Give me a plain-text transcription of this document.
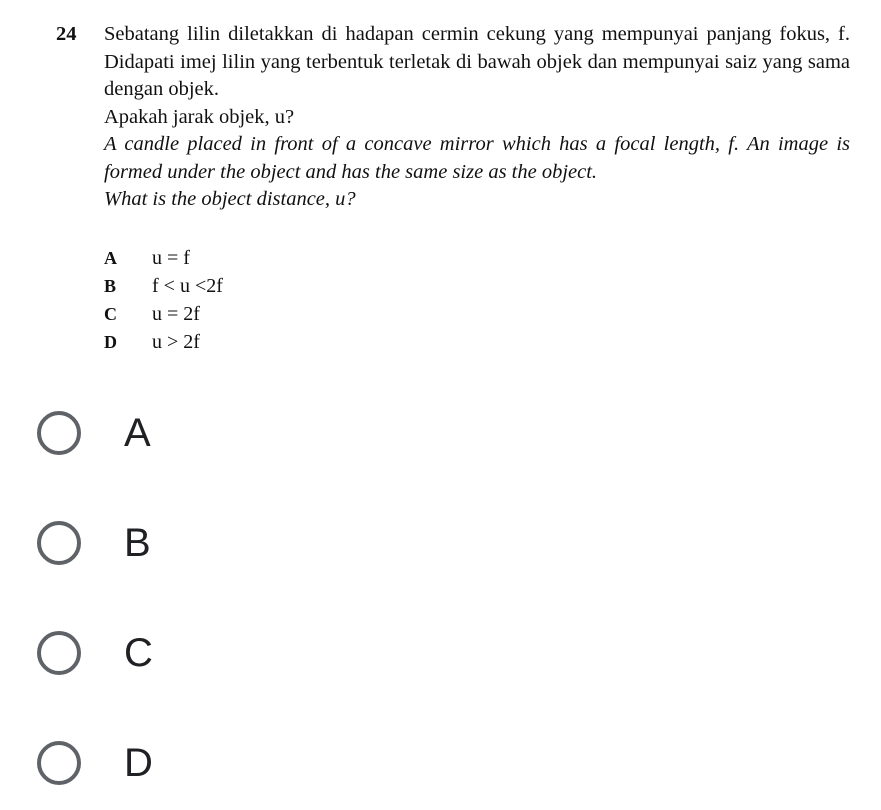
24 Sebatang lilin diletakkan di hadapan cermin cekung yang mempunyai panjang fokus, f. Didapati imej lilin yang terbentuk terletak di bawah objek dan mempunyai saiz yang sama dengan objek.

Apakah jarak objek, u?

A candle placed in front of a concave mirror which has a focal length, f. An image is formed under the object and has the same size as the object.

What is the object distance, u?

A u = f
B f < u <2f
C u = 2f
D u > 2f
A
B
C
D
